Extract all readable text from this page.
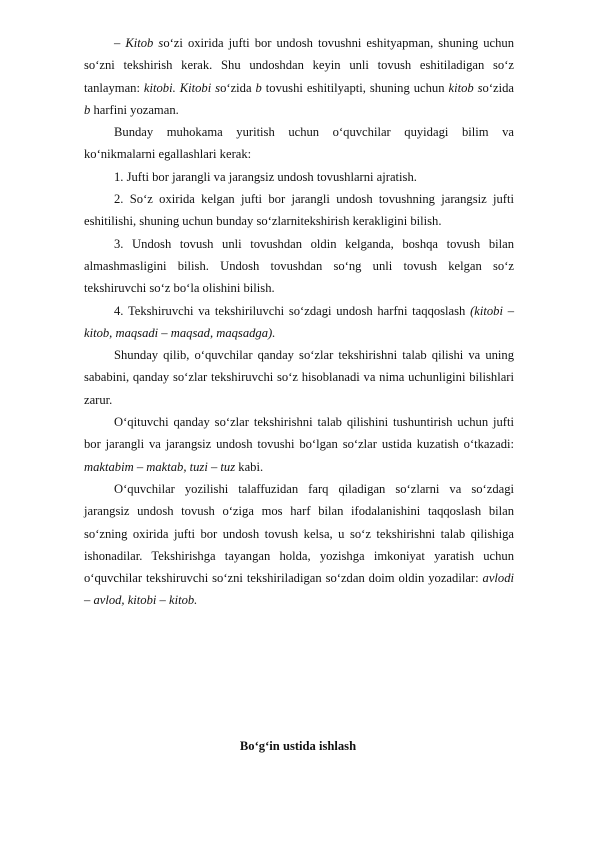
– Kitob so‘zi oxirida jufti bor undosh tovushni eshityapman, shuning uchun so‘zni tekshirish kerak. Shu undoshdan keyin unli tovush eshitiladigan so‘z tanlayman: kitobi. Kitobi so‘zida b tovushi eshitilyapti, shuning uchun kitob so‘zida b harfini yozaman.

Bunday muhokama yuritish uchun o‘quvchilar quyidagi bilim va ko‘nikmalarni egallashlari kerak:

1. Jufti bor jarangli va jarangsiz undosh tovushlarni ajratish.

2. So‘z oxirida kelgan jufti bor jarangli undosh tovushning jarangsiz jufti eshitilishi, shuning uchun bunday so‘zlarnitekshirish kerakligini bilish.

3. Undosh tovush unli tovushdan oldin kelganda, boshqa tovush bilan almashmasligini bilish. Undosh tovushdan so‘ng unli tovush kelgan so‘z tekshiruvchi so‘z bo‘la olishini bilish.

4. Tekshiruvchi va tekshiriluvchi so‘zdagi undosh harfni taqqoslash (kitobi – kitob, maqsadi – maqsad, maqsadga).

Shunday qilib, o‘quvchilar qanday so‘zlar tekshirishni talab qilishi va uning sababini, qanday so‘zlar tekshiruvchi so‘z hisoblanadi va nima uchunligini bilishlari zarur.

O‘qituvchi qanday so‘zlar tekshirishni talab qilishini tushuntirish uchun jufti bor jarangli va jarangsiz undosh tovushi bo‘lgan so‘zlar ustida kuzatish o‘tkazadi: maktabim – maktab, tuzi – tuz kabi.

O‘quvchilar yozilishi talaffuzidan farq qiladigan so‘zlarni va so‘zdagi jarangsiz undosh tovush o‘ziga mos harf bilan ifodalanishini taqqoslash bilan so‘zning oxirida jufti bor undosh tovush kelsa, u so‘z tekshirishni talab qilishiga ishonadilar. Tekshirishga tayangan holda, yozishga imkoniyat yaratish uchun o‘quvchilar tekshiruvchi so‘zni tekshiriladigan so‘zdan doim oldin yozadilar: avlodi – avlod, kitobi – kitob.

Bo‘g‘in ustida ishlash
